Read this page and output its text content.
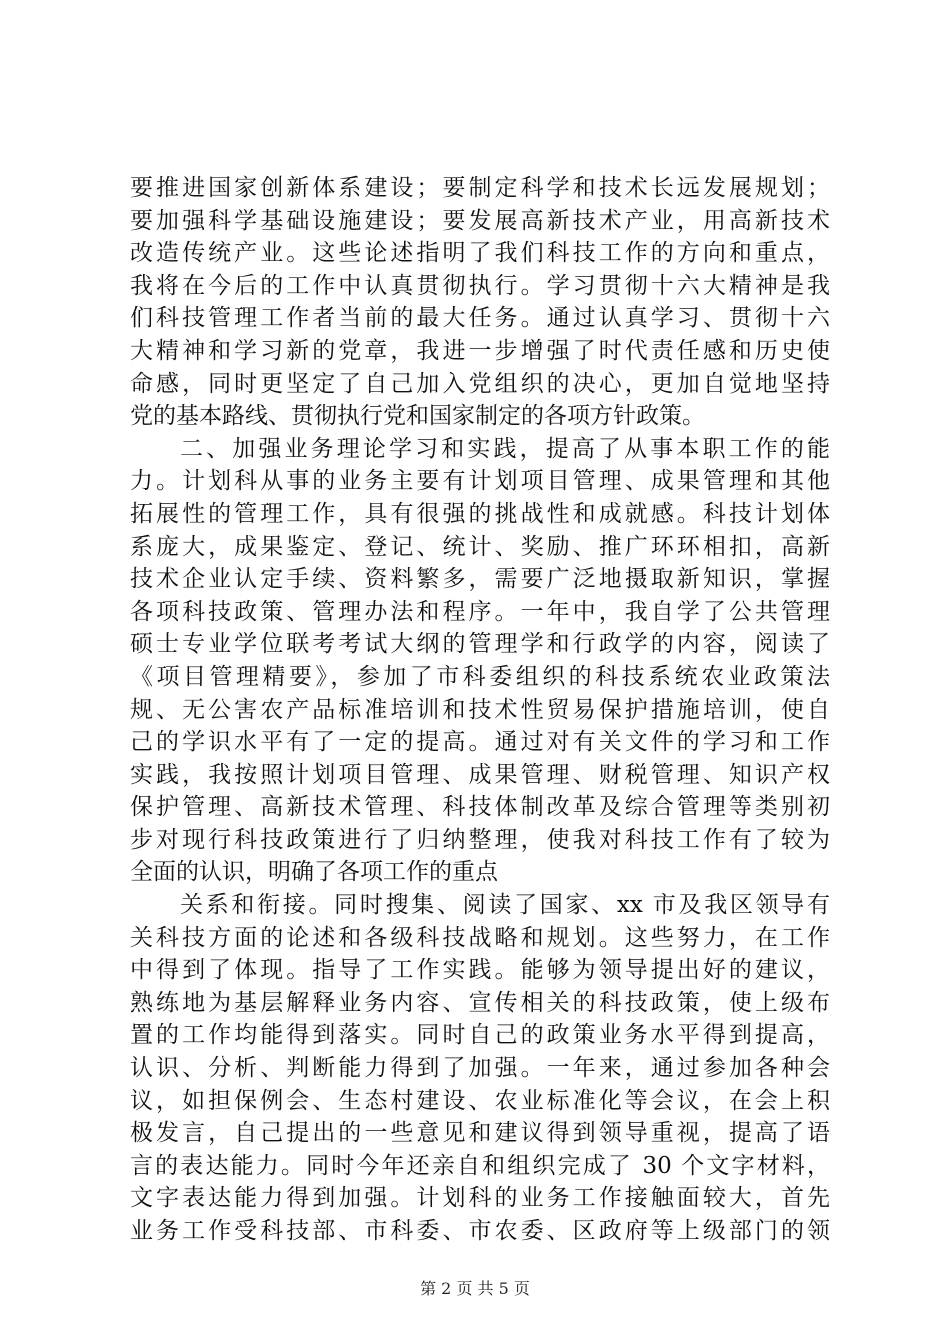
要推进国家创新体系建设；要制定科学和技术长远发展规划；
要加强科学基础设施建设；要发展高新技术产业，用高新技术
改造传统产业。这些论述指明了我们科技工作的方向和重点，
我将在今后的工作中认真贯彻执行。学习贯彻十六大精神是我
们科技管理工作者当前的最大任务。通过认真学习、贯彻十六
大精神和学习新的党章，我进一步增强了时代责任感和历史使
命感，同时更坚定了自己加入党组织的决心，更加自觉地坚持
党的基本路线、贯彻执行党和国家制定的各项方针政策。
二、加强业务理论学习和实践，提高了从事本职工作的能
力。计划科从事的业务主要有计划项目管理、成果管理和其他
拓展性的管理工作，具有很强的挑战性和成就感。科技计划体
系庞大，成果鉴定、登记、统计、奖励、推广环环相扣，高新
技术企业认定手续、资料繁多，需要广泛地摄取新知识，掌握
各项科技政策、管理办法和程序。一年中，我自学了公共管理
硕士专业学位联考考试大纲的管理学和行政学的内容，阅读了
《项目管理精要》，参加了市科委组织的科技系统农业政策法
规、无公害农产品标准培训和技术性贸易保护措施培训，使自
己的学识水平有了一定的提高。通过对有关文件的学习和工作
实践，我按照计划项目管理、成果管理、财税管理、知识产权
保护管理、高新技术管理、科技体制改革及综合管理等类别初
步对现行科技政策进行了归纳整理，使我对科技工作有了较为
全面的认识，明确了各项工作的重点
关系和衔接。同时搜集、阅读了国家、xx 市及我区领导有
关科技方面的论述和各级科技战略和规划。这些努力，在工作
中得到了体现。指导了工作实践。能够为领导提出好的建议，
熟练地为基层解释业务内容、宣传相关的科技政策，使上级布
置的工作均能得到落实。同时自己的政策业务水平得到提高，
认识、分析、判断能力得到了加强。一年来，通过参加各种会
议，如担保例会、生态村建设、农业标准化等会议，在会上积
极发言，自己提出的一些意见和建议得到领导重视，提高了语
言的表达能力。同时今年还亲自和组织完成了 30 个文字材料，
文字表达能力得到加强。计划科的业务工作接触面较大，首先
业务工作受科技部、市科委、市农委、区政府等上级部门的领
第 2 页 共 5 页
